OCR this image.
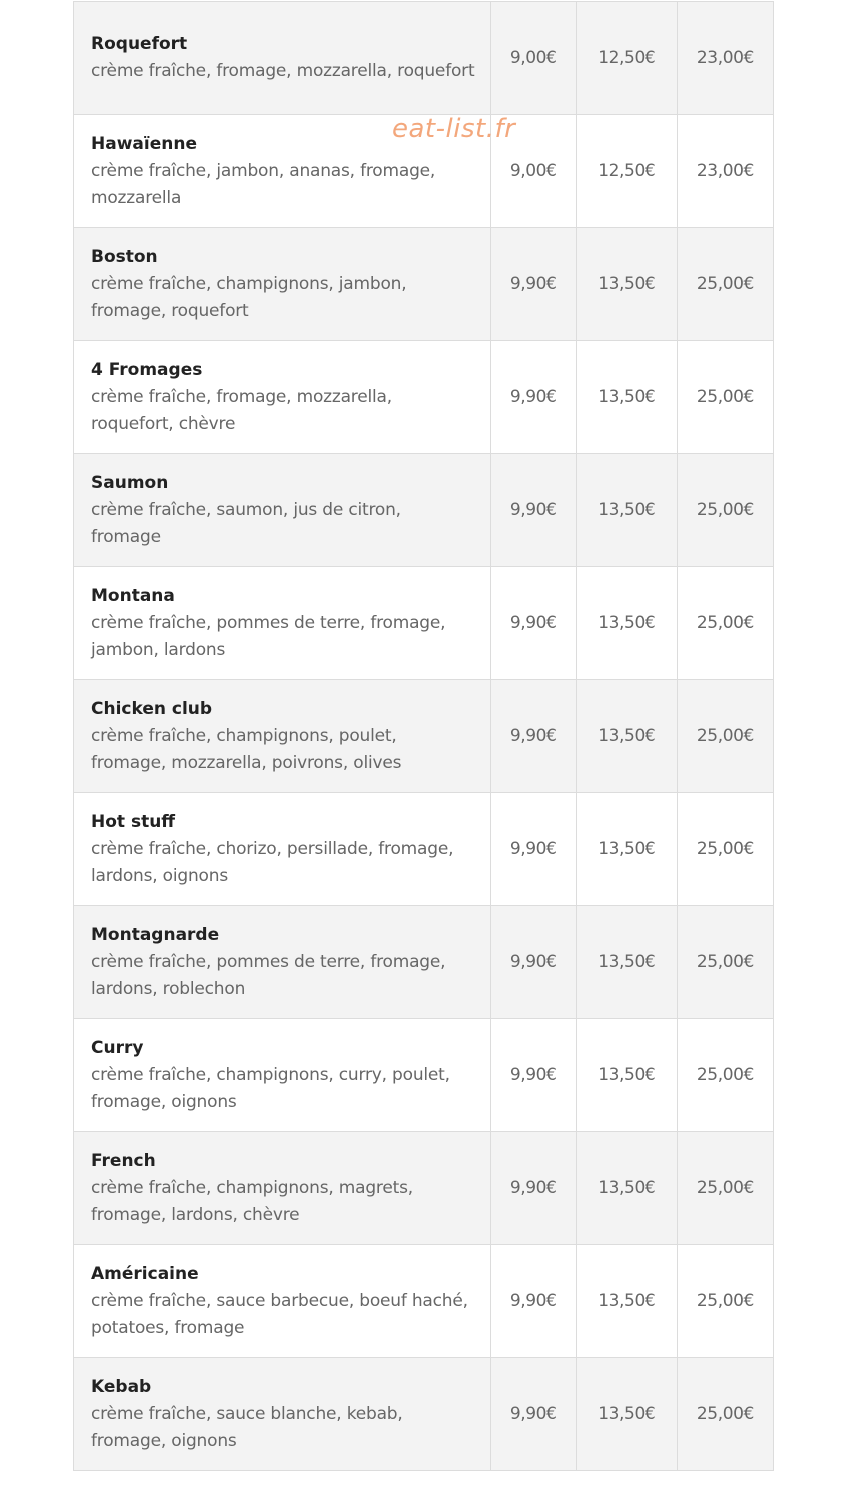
Roquefort
crème fraîche, fromage, mozzarella, roquefort	9,00€	12,50€	23,00€

Hawaïenne
crème fraîche, jambon, ananas, fromage, mozzarella	9,00€	12,50€	23,00€

Boston
crème fraîche, champignons, jambon, fromage, roquefort	9,90€	13,50€	25,00€

4 Fromages
crème fraîche, fromage, mozzarella, roquefort, chèvre	9,90€	13,50€	25,00€

Saumon
crème fraîche, saumon, jus de citron, fromage	9,90€	13,50€	25,00€

Montana
crème fraîche, pommes de terre, fromage, jambon, lardons	9,90€	13,50€	25,00€

Chicken club
crème fraîche, champignons, poulet, fromage, mozzarella, poivrons, olives	9,90€	13,50€	25,00€

Hot stuff
crème fraîche, chorizo, persillade, fromage, lardons, oignons	9,90€	13,50€	25,00€

Montagnarde
crème fraîche, pommes de terre, fromage, lardons, roblechon	9,90€	13,50€	25,00€

Curry
crème fraîche, champignons, curry, poulet, fromage, oignons	9,90€	13,50€	25,00€

French
crème fraîche, champignons, magrets, fromage, lardons, chèvre	9,90€	13,50€	25,00€

Américaine
crème fraîche, sauce barbecue, boeuf haché, potatoes, fromage	9,90€	13,50€	25,00€

Kebab
crème fraîche, sauce blanche, kebab, fromage, oignons	9,90€	13,50€	25,00€
eat-list.fr
